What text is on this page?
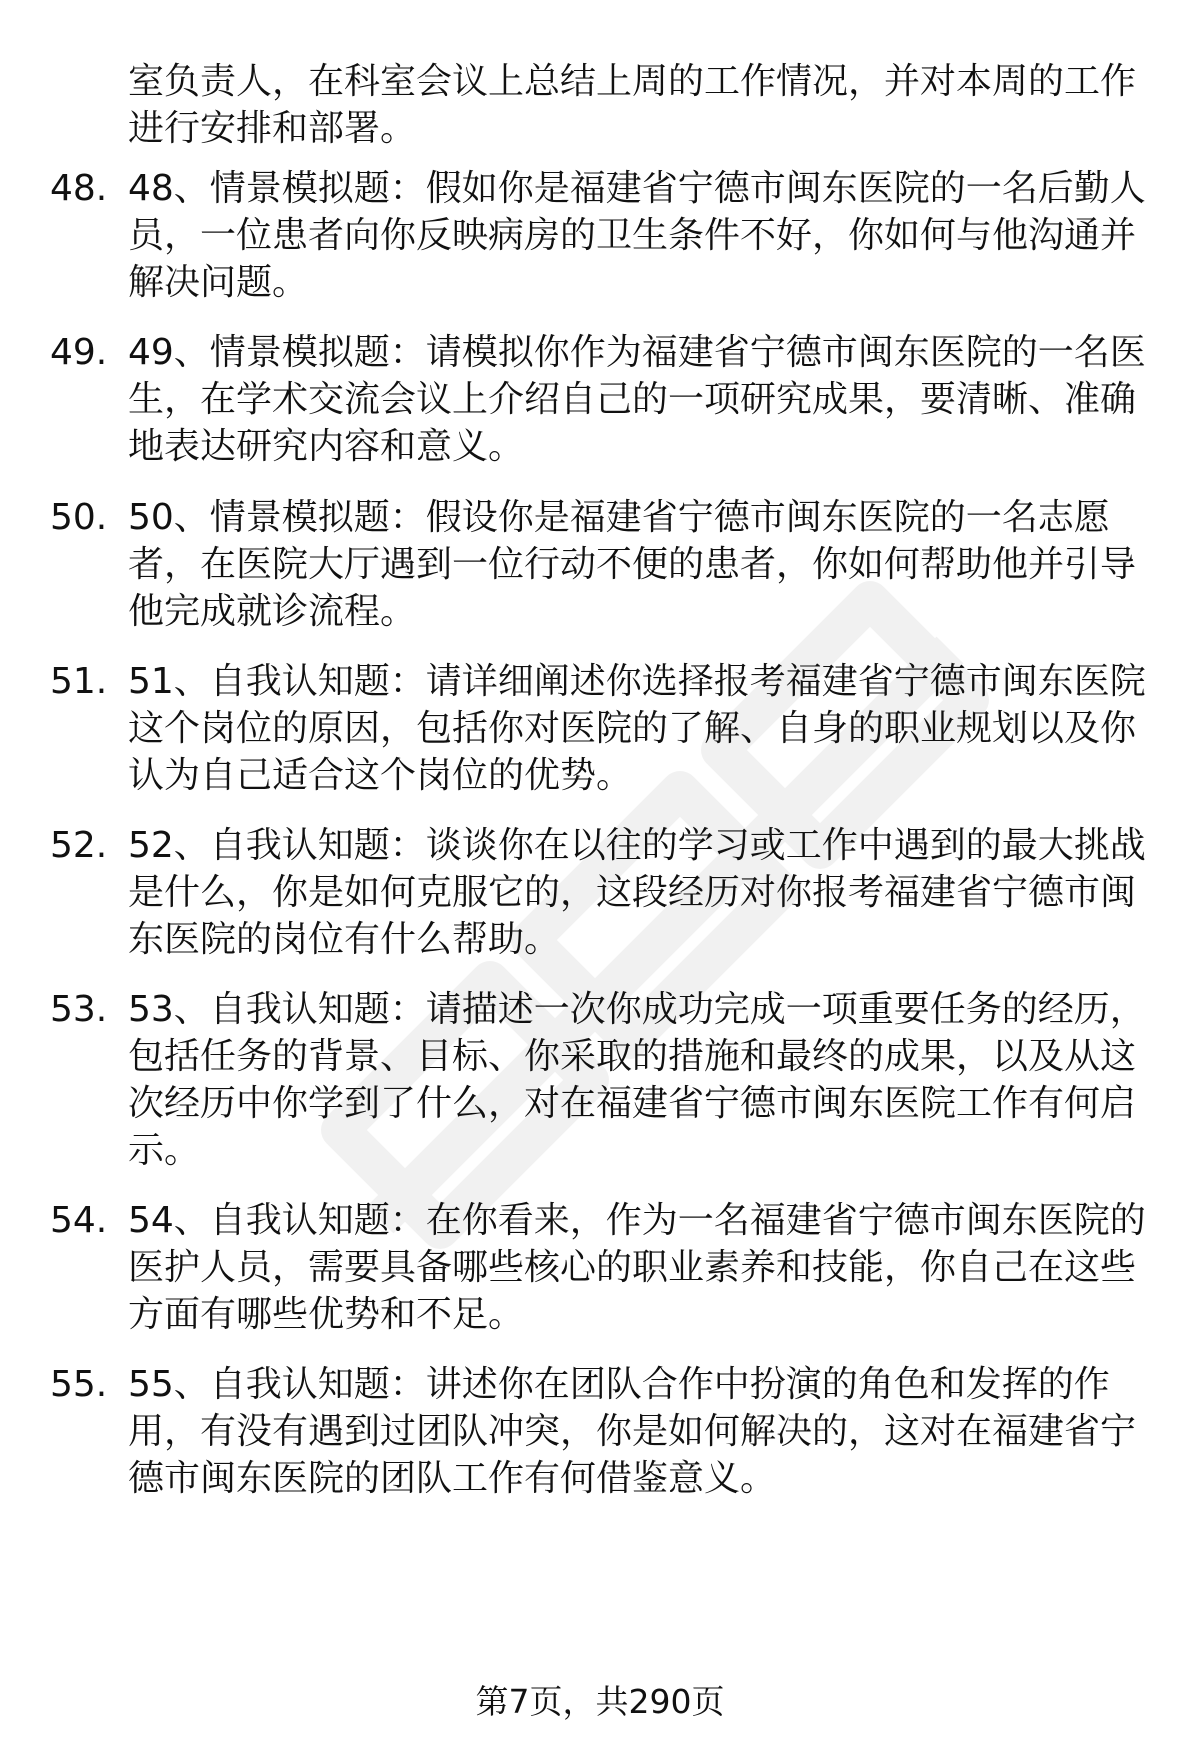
室负责人，在科室会议上总结上周的工作情况，并对本周的工作进行安排和部署。
48. 48、情景模拟题：假如你是福建省宁德市闽东医院的一名后勤人员，一位患者向你反映病房的卫生条件不好，你如何与他沟通并解决问题。
49. 49、情景模拟题：请模拟你作为福建省宁德市闽东医院的一名医生，在学术交流会议上介绍自己的一项研究成果，要清晰、准确地表达研究内容和意义。
50. 50、情景模拟题：假设你是福建省宁德市闽东医院的一名志愿者，在医院大厅遇到一位行动不便的患者，你如何帮助他并引导他完成就诊流程。
51. 51、自我认知题：请详细阐述你选择报考福建省宁德市闽东医院这个岗位的原因，包括你对医院的了解、自身的职业规划以及你认为自己适合这个岗位的优势。
52. 52、自我认知题：谈谈你在以往的学习或工作中遇到的最大挑战是什么，你是如何克服它的，这段经历对你报考福建省宁德市闽东医院的岗位有什么帮助。
53. 53、自我认知题：请描述一次你成功完成一项重要任务的经历，包括任务的背景、目标、你采取的措施和最终的成果，以及从这次经历中你学到了什么，对在福建省宁德市闽东医院工作有何启示。
54. 54、自我认知题：在你看来，作为一名福建省宁德市闽东医院的医护人员，需要具备哪些核心的职业素养和技能，你自己在这些方面有哪些优势和不足。
55. 55、自我认知题：讲述你在团队合作中扮演的角色和发挥的作用，有没有遇到过团队冲突，你是如何解决的，这对在福建省宁德市闽东医院的团队工作有何借鉴意义。
第7页，共290页
